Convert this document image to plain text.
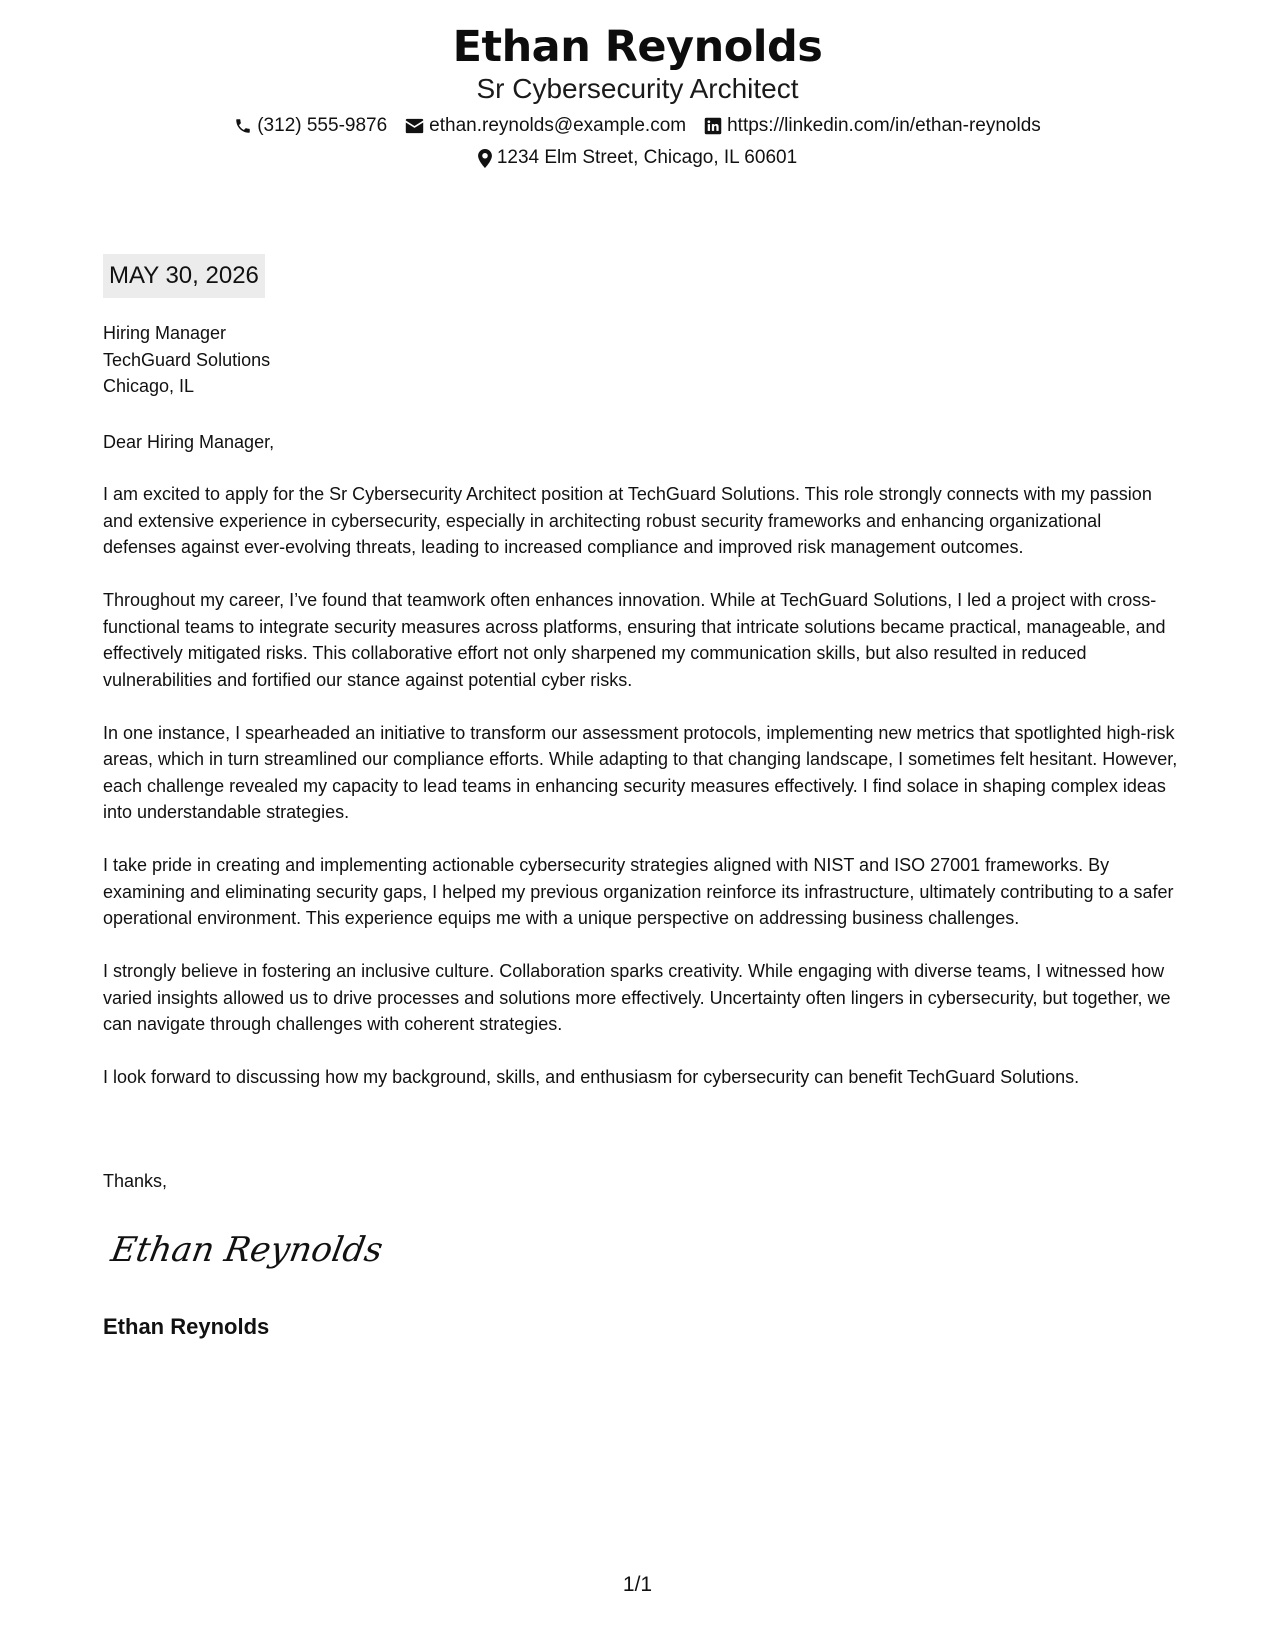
Ethan Reynolds
Sr Cybersecurity Architect
(312) 555-9876 ethan.reynolds@example.com https://linkedin.com/in/ethan-reynolds
1234 Elm Street, Chicago, IL 60601
MAY 30, 2026
Hiring Manager
TechGuard Solutions
Chicago, IL
Dear Hiring Manager,

I am excited to apply for the Sr Cybersecurity Architect position at TechGuard Solutions. This role strongly connects with my passion and extensive experience in cybersecurity, especially in architecting robust security frameworks and enhancing organizational defenses against ever-evolving threats, leading to increased compliance and improved risk management outcomes.

Throughout my career, I’ve found that teamwork often enhances innovation. While at TechGuard Solutions, I led a project with cross-functional teams to integrate security measures across platforms, ensuring that intricate solutions became practical, manageable, and effectively mitigated risks. This collaborative effort not only sharpened my communication skills, but also resulted in reduced vulnerabilities and fortified our stance against potential cyber risks.

In one instance, I spearheaded an initiative to transform our assessment protocols, implementing new metrics that spotlighted high-risk areas, which in turn streamlined our compliance efforts. While adapting to that changing landscape, I sometimes felt hesitant. However, each challenge revealed my capacity to lead teams in enhancing security measures effectively. I find solace in shaping complex ideas into understandable strategies.

I take pride in creating and implementing actionable cybersecurity strategies aligned with NIST and ISO 27001 frameworks. By examining and eliminating security gaps, I helped my previous organization reinforce its infrastructure, ultimately contributing to a safer operational environment. This experience equips me with a unique perspective on addressing business challenges.

I strongly believe in fostering an inclusive culture. Collaboration sparks creativity. While engaging with diverse teams, I witnessed how varied insights allowed us to drive processes and solutions more effectively. Uncertainty often lingers in cybersecurity, but together, we can navigate through challenges with coherent strategies.

I look forward to discussing how my background, skills, and enthusiasm for cybersecurity can benefit TechGuard Solutions.

Thanks,
Ethan Reynolds
Ethan Reynolds
1/1
